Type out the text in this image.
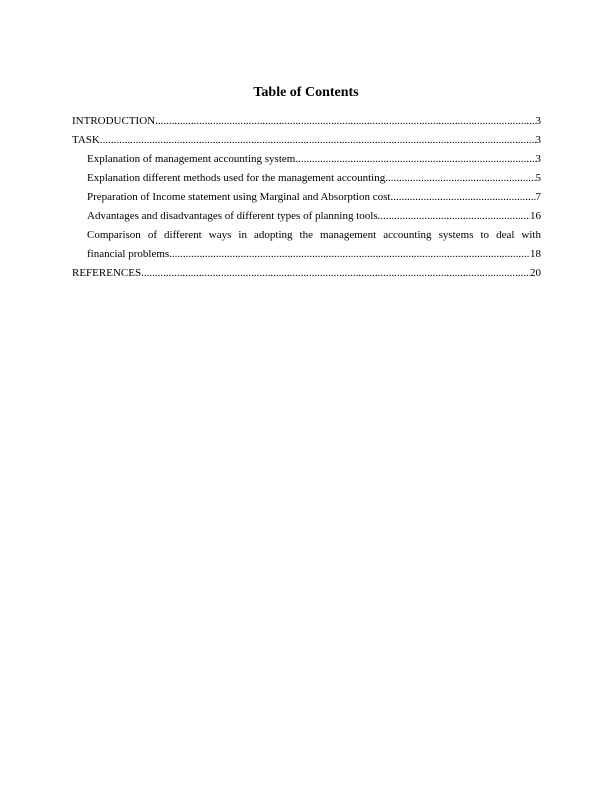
Table of Contents
INTRODUCTION .....	3
TASK .....	3
Explanation of management accounting system .....	3
Explanation different methods used for the management accounting .....	5
Preparation of Income statement using Marginal and Absorption cost .....	7
Advantages and disadvantages of different types of planning tools .....	16
Comparison of different ways in adopting the management accounting systems to deal with
financial problems .....	18
REFERENCES .....	20
